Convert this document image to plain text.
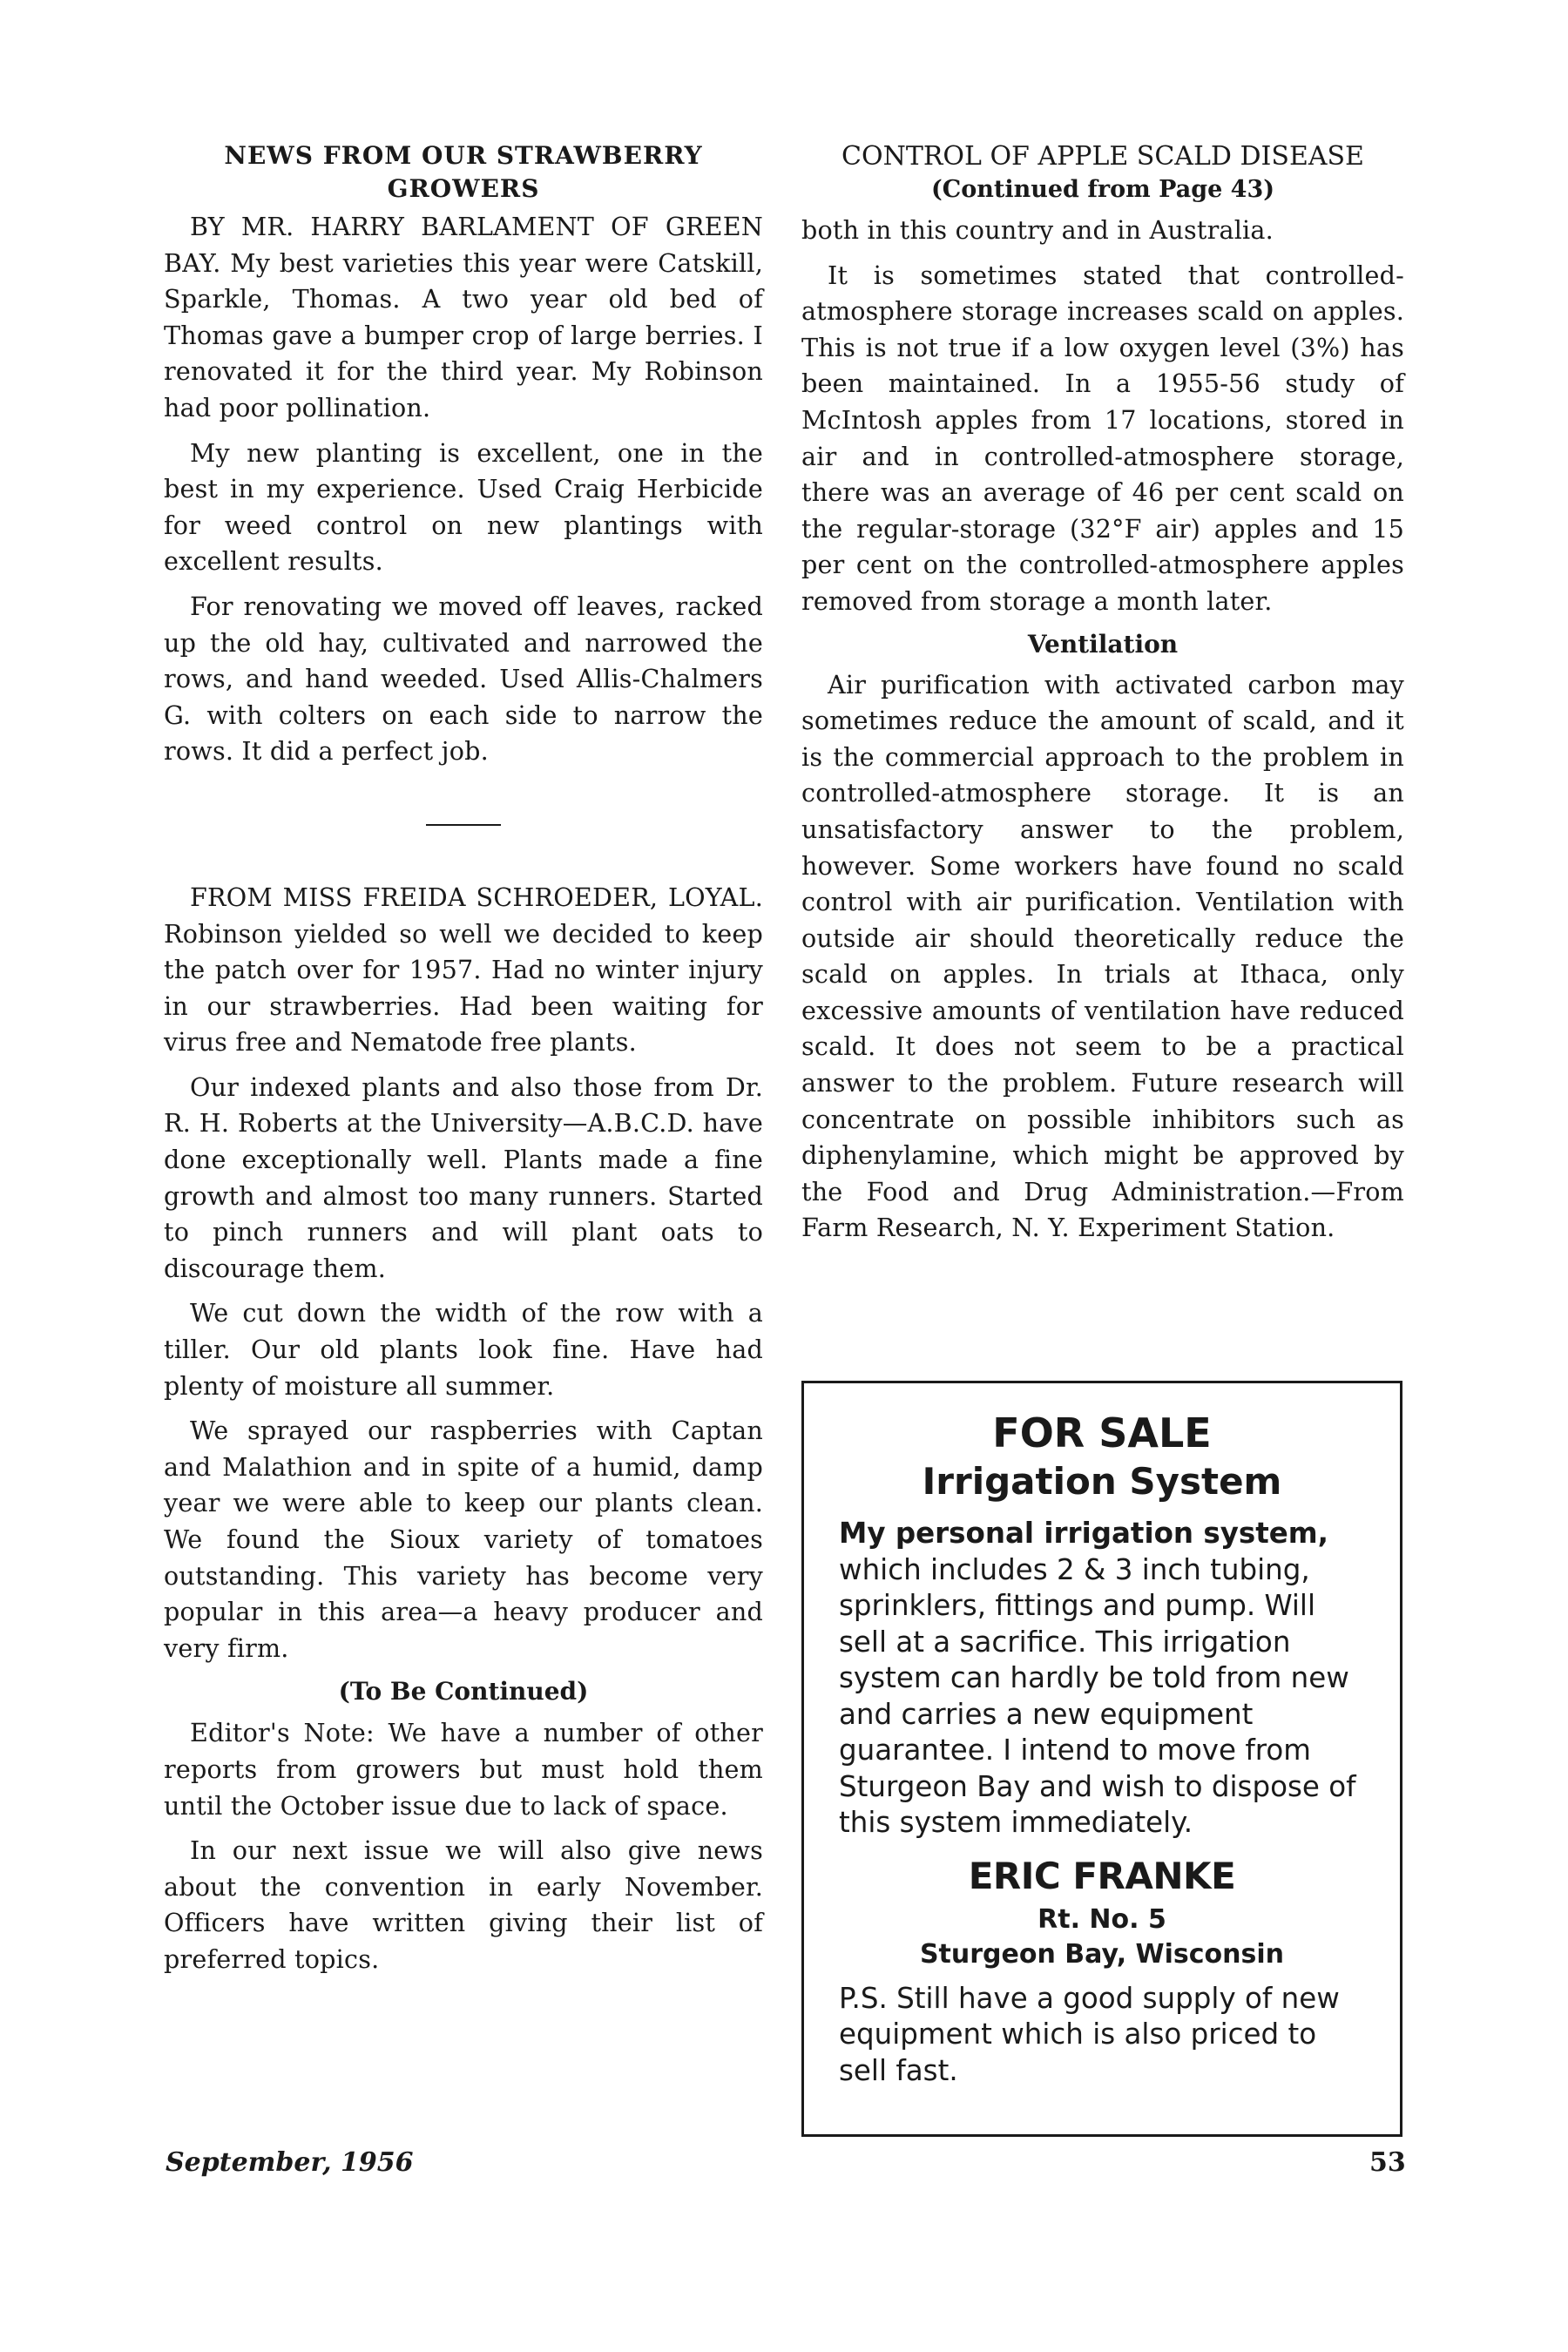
NEWS FROM OUR STRAWBERRY GROWERS

BY MR. HARRY BARLAMENT OF GREEN BAY. My best varieties this year were Catskill, Sparkle, Thomas. A two year old bed of Thomas gave a bumper crop of large berries. I renovated it for the third year. My Robinson had poor pollination.

My new planting is excellent, one in the best in my experience. Used Craig Herbicide for weed control on new plantings with excellent results.

For renovating we moved off leaves, racked up the old hay, cultivated and narrowed the rows, and hand weeded. Used Allis-Chalmers G. with colters on each side to narrow the rows. It did a perfect job.

FROM MISS FREIDA SCHROEDER, LOYAL. Robinson yielded so well we decided to keep the patch over for 1957. Had no winter injury in our strawberries. Had been waiting for virus free and Nematode free plants.

Our indexed plants and also those from Dr. R. H. Roberts at the University—A.B.C.D. have done exceptionally well. Plants made a fine growth and almost too many runners. Started to pinch runners and will plant oats to discourage them.

We cut down the width of the row with a tiller. Our old plants look fine. Have had plenty of moisture all summer.

We sprayed our raspberries with Captan and Malathion and in spite of a humid, damp year we were able to keep our plants clean. We found the Sioux variety of tomatoes outstanding. This variety has become very popular in this area—a heavy producer and very firm.

(To Be Continued)

Editor's Note: We have a number of other reports from growers but must hold them until the October issue due to lack of space.

In our next issue we will also give news about the convention in early November. Officers have written giving their list of preferred topics.

CONTROL OF APPLE SCALD DISEASE
(Continued from Page 43)

both in this country and in Australia.

It is sometimes stated that controlled-atmosphere storage increases scald on apples. This is not true if a low oxygen level (3%) has been maintained. In a 1955-56 study of McIntosh apples from 17 locations, stored in air and in controlled-atmosphere storage, there was an average of 46 per cent scald on the regular-storage (32°F air) apples and 15 per cent on the controlled-atmosphere apples removed from storage a month later.

Ventilation

Air purification with activated carbon may sometimes reduce the amount of scald, and it is the commercial approach to the problem in controlled-atmosphere storage. It is an unsatisfactory answer to the problem, however. Some workers have found no scald control with air purification. Ventilation with outside air should theoretically reduce the scald on apples. In trials at Ithaca, only excessive amounts of ventilation have reduced scald. It does not seem to be a practical answer to the problem. Future research will concentrate on possible inhibitors such as diphenylamine, which might be approved by the Food and Drug Administration.—From Farm Research, N. Y. Experiment Station.

FOR SALE
Irrigation System

My personal irrigation system, which includes 2 & 3 inch tubing, sprinklers, fittings and pump. Will sell at a sacrifice. This irrigation system can hardly be told from new and carries a new equipment guarantee. I intend to move from Sturgeon Bay and wish to dispose of this system immediately.

ERIC FRANKE
Rt. No. 5
Sturgeon Bay, Wisconsin

P.S. Still have a good supply of new equipment which is also priced to sell fast.

September, 1956	53
